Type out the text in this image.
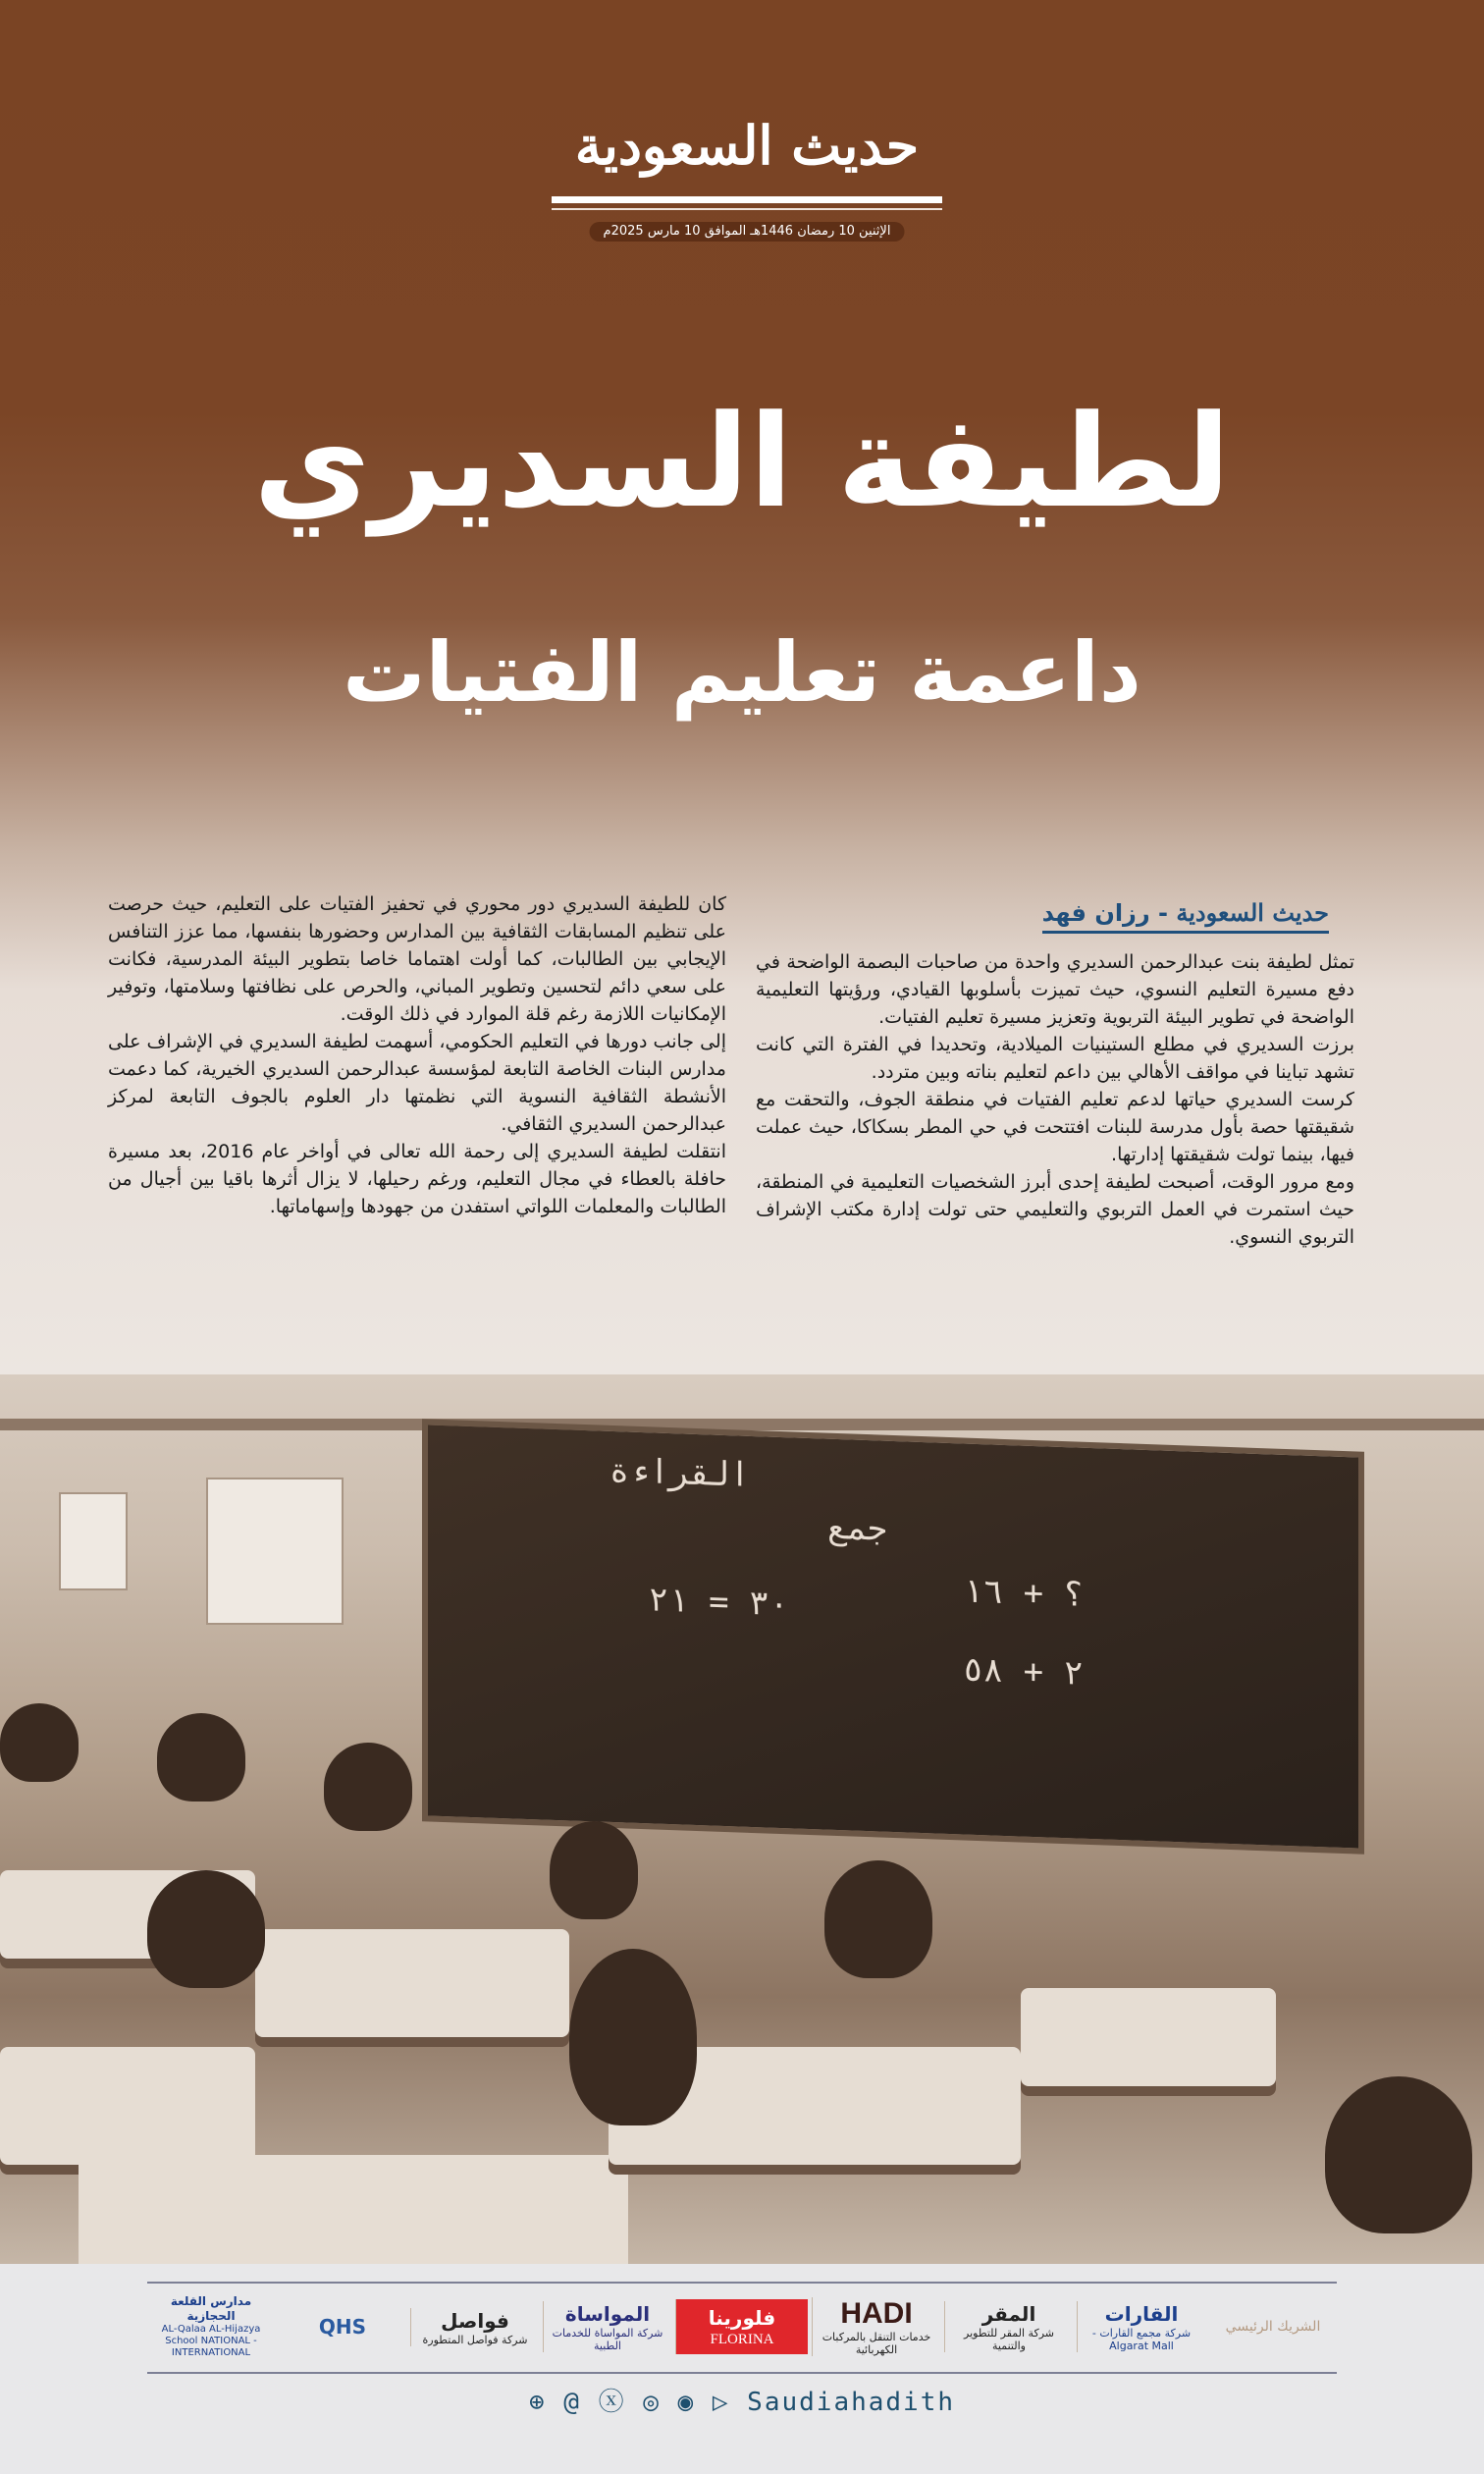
حديث السعودية
الإثنين 10 رمضان 1446هـ الموافق 10 مارس 2025م
لطيفة السديري
داعمة تعليم الفتيات
القراءة
جمع
؟ + ١٦
٢ + ٥٨
٣٠ = ٢١
حديث السعودية - رزان فهد

تمثل لطيفة بنت عبدالرحمن السديري واحدة من صاحبات البصمة الواضحة في دفع مسيرة التعليم النسوي، حيث تميزت بأسلوبها القيادي، ورؤيتها التعليمية الواضحة في تطوير البيئة التربوية وتعزيز مسيرة تعليم الفتيات.

برزت السديري في مطلع الستينيات الميلادية، وتحديدا في الفترة التي كانت تشهد تباينا في مواقف الأهالي بين داعم لتعليم بناته وبين متردد.

كرست السديري حياتها لدعم تعليم الفتيات في منطقة الجوف، والتحقت مع شقيقتها حصة بأول مدرسة للبنات افتتحت في حي المطر بسكاكا، حيث عملت فيها، بينما تولت شقيقتها إدارتها.

ومع مرور الوقت، أصبحت لطيفة إحدى أبرز الشخصيات التعليمية في المنطقة، حيث استمرت في العمل التربوي والتعليمي حتى تولت إدارة مكتب الإشراف التربوي النسوي.

كان للطيفة السديري دور محوري في تحفيز الفتيات على التعليم، حيث حرصت على تنظيم المسابقات الثقافية بين المدارس وحضورها بنفسها، مما عزز التنافس الإيجابي بين الطالبات، كما أولت اهتماما خاصا بتطوير البيئة المدرسية، فكانت على سعي دائم لتحسين وتطوير المباني، والحرص على نظافتها وسلامتها، وتوفير الإمكانيات اللازمة رغم قلة الموارد في ذلك الوقت.

إلى جانب دورها في التعليم الحكومي، أسهمت لطيفة السديري في الإشراف على مدارس البنات الخاصة التابعة لمؤسسة عبدالرحمن السديري الخيرية، كما دعمت الأنشطة الثقافية النسوية التي نظمتها دار العلوم بالجوف التابعة لمركز عبدالرحمن السديري الثقافي.

انتقلت لطيفة السديري إلى رحمة الله تعالى في أواخر عام 2016، بعد مسيرة حافلة بالعطاء في مجال التعليم، ورغم رحيلها، لا يزال أثرها باقيا بين أجيال من الطالبات والمعلمات اللواتي استفدن من جهودها وإسهاماتها.

الشريك الرئيسي
القارات
شركة مجمع القارات - Algarat Mall
المقر
شركة المقر للتطوير والتنمية
HADI
خدمات التنقل بالمركبات الكهربائية
فلورينا
FLORINA
المواساة
شركة المواساة للخدمات الطبية
فواصل
شركة فواصل المتطورة
QHS
مدارس القلعة الحجازية
AL-Qalaa AL-Hijazya School NATIONAL - INTERNATIONAL
⊕ @ ⓧ ◎ ◉ ▷ Saudiahadith
